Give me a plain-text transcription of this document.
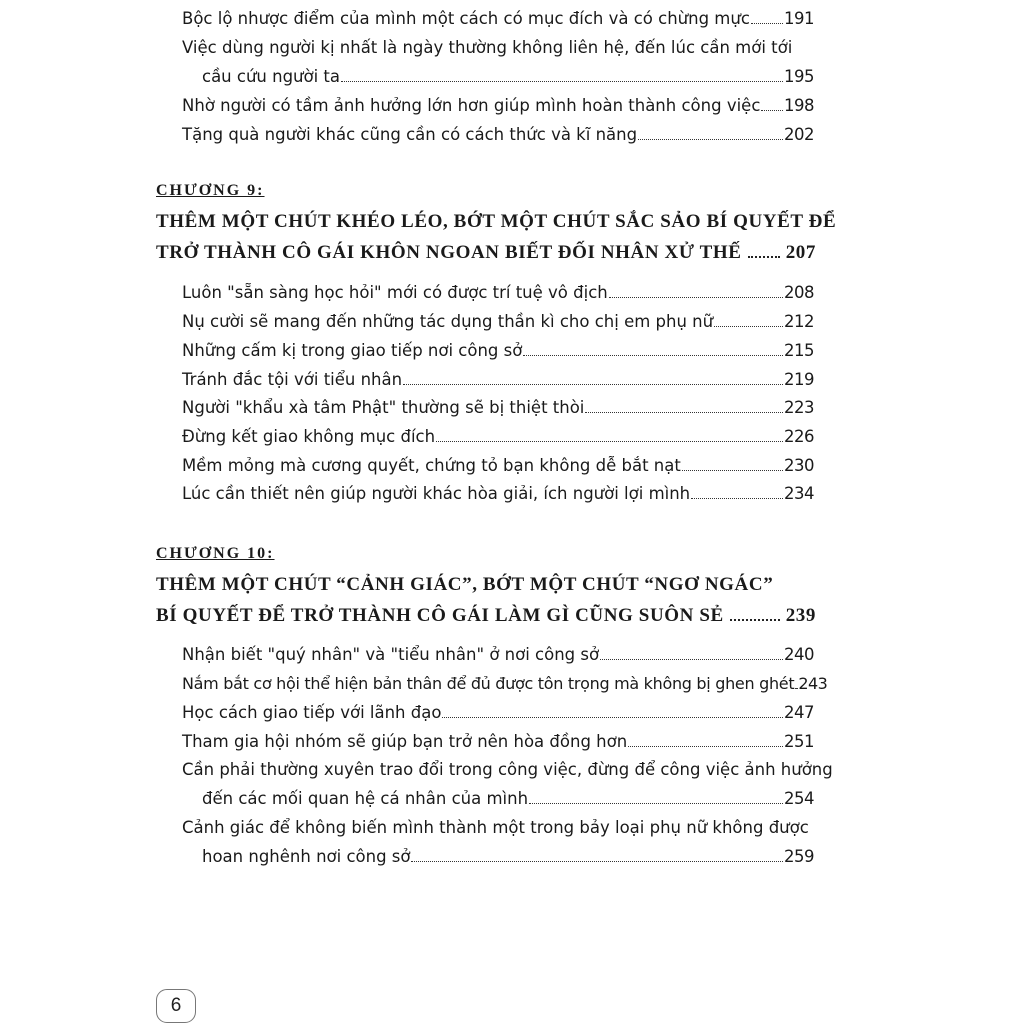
Bộc lộ nhược điểm của mình một cách có mục đích và có chừng mực 191
Việc dùng người kị nhất là ngày thường không liên hệ, đến lúc cần mới tới
cầu cứu người ta	195
Nhờ người có tầm ảnh hưởng lớn hơn giúp mình hoàn thành công việc 198
Tặng quà người khác cũng cần có cách thức và kĩ năng	202
CHƯƠNG 9:
THÊM MỘT CHÚT KHÉO LÉO, BỚT MỘT CHÚT SẮC SẢO BÍ QUYẾT ĐỂ
TRỞ THÀNH CÔ GÁI KHÔN NGOAN BIẾT ĐỐI NHÂN XỬ THẾ 207
Luôn "sẵn sàng học hỏi" mới có được trí tuệ vô địch	208
Nụ cười sẽ mang đến những tác dụng thần kì cho chị em phụ nữ	212
Những cấm kị trong giao tiếp nơi công sở	215
Tránh đắc tội với tiểu nhân	219
Người "khẩu xà tâm Phật" thường sẽ bị thiệt thòi	223
Đừng kết giao không mục đích	226
Mềm mỏng mà cương quyết, chứng tỏ bạn không dễ bắt nạt	230
Lúc cần thiết nên giúp người khác hòa giải, ích người lợi mình	234
CHƯƠNG 10:
THÊM MỘT CHÚT “CẢNH GIÁC”, BỚT MỘT CHÚT “NGƠ NGÁC”
BÍ QUYẾT ĐỂ TRỞ THÀNH CÔ GÁI LÀM GÌ CŨNG SUÔN SẺ	239
Nhận biết "quý nhân" và "tiểu nhân" ở nơi công sở	240
Nắm bắt cơ hội thể hiện bản thân để đủ được tôn trọng mà không bị ghen ghét 243
Học cách giao tiếp với lãnh đạo	247
Tham gia hội nhóm sẽ giúp bạn trở nên hòa đồng hơn	251
Cần phải thường xuyên trao đổi trong công việc, đừng để công việc ảnh hưởng
đến các mối quan hệ cá nhân của mình	254
Cảnh giác để không biến mình thành một trong bảy loại phụ nữ không được
hoan nghênh nơi công sở	259
6
